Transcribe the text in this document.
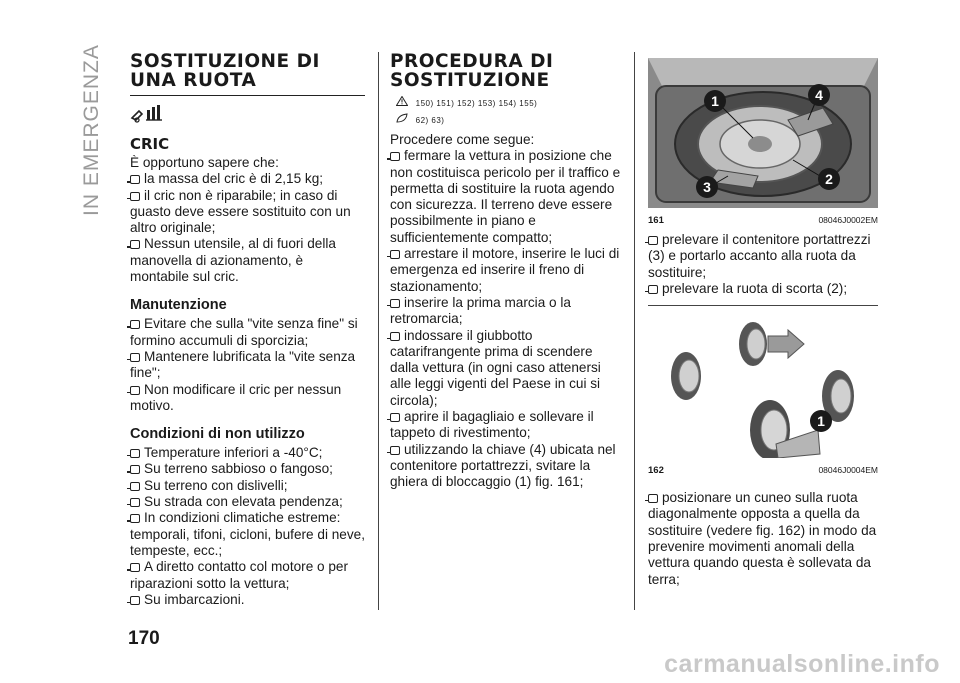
IN EMERGENZA SOSTITUZIONE DI
UNA RUOTA
CRIC

È opportuno sapere che:

la massa del cric è di 2,15 kg;

il cric non è riparabile; in caso di guasto deve essere sostituito con un altro originale;

Nessun utensile, al di fuori della manovella di azionamento, è montabile sul cric.

Manutenzione

Evitare che sulla "vite senza fine" si formino accumuli di sporcizia;

Mantenere lubrificata la "vite senza fine";

Non modificare il cric per nessun motivo.

Condizioni di non utilizzo

Temperature inferiori a -40°C;

Su terreno sabbioso o fangoso;

Su terreno con dislivelli;

Su strada con elevata pendenza;

In condizioni climatiche estreme: temporali, tifoni, cicloni, bufere di neve, tempeste, ecc.;

A diretto contatto col motore o per riparazioni sotto la vettura;

Su imbarcazioni.

PROCEDURA DI
SOSTITUZIONE
150) 151) 152) 153) 154) 155)
62) 63)

Procedere come segue:

fermare la vettura in posizione che non costituisca pericolo per il traffico e permetta di sostituire la ruota agendo con sicurezza. Il terreno deve essere possibilmente in piano e sufficientemente compatto;

arrestare il motore, inserire le luci di emergenza ed inserire il freno di stazionamento;

inserire la prima marcia o la retromarcia;

indossare il giubbotto catarifrangente prima di scendere dalla vettura (in ogni caso attenersi alle leggi vigenti del Paese in cui si circola);

aprire il bagagliaio e sollevare il tappeto di rivestimento;

utilizzando la chiave (4) ubicata nel contenitore portattrezzi, svitare la ghiera di bloccaggio (1) fig. 161;

1	4
2
3
161	08046J0002EM

prelevare il contenitore portattrezzi (3) e portarlo accanto alla ruota da sostituire;

prelevare la ruota di scorta (2);

1
162	08046J0004EM

posizionare un cuneo sulla ruota diagonalmente opposta a quella da sostituire (vedere fig. 162) in modo da prevenire movimenti anomali della vettura quando questa è sollevata da terra;

170
carmanualsonline.info
